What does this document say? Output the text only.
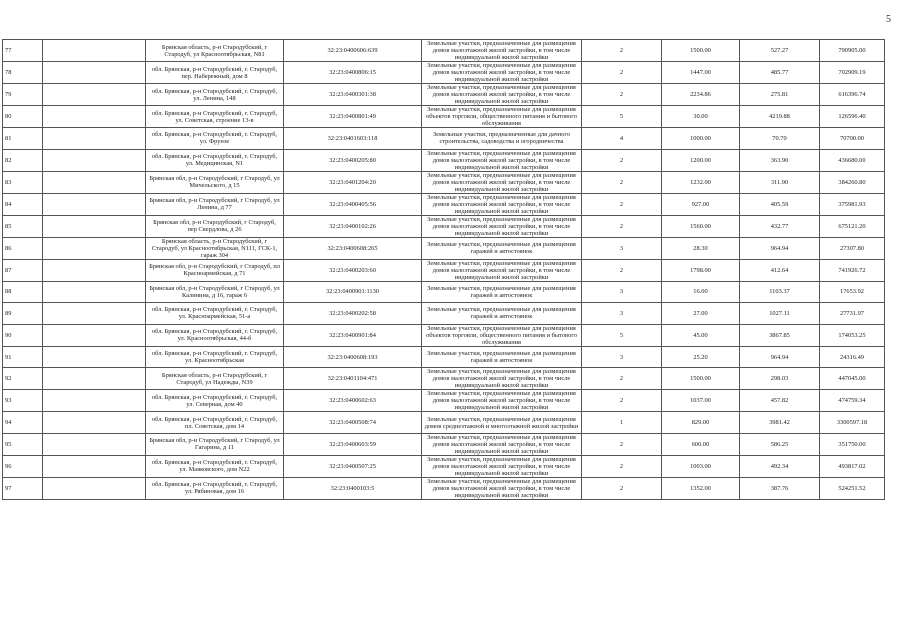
5
77		Брянская область, р-н Стародубский, г Стародуб, ул Красноотябрьская, N81	32:23:0400606:639	Земельные участки, предназначенные для размещения домов малоэтажной жилой застройки, в том числе индивидуальной жилой застройки	2	1500.00	527.27	790905.00
78		обл. Брянская, р-н Стародубский, г. Стародуб, пер. Набережный, дом 8	32:23:0400806:15	Земельные участки, предназначенные для размещения домов малоэтажной жилой застройки, в том числе индивидуальной жилой застройки	2	1447.00	485.77	702909.19
79		обл. Брянская, р-н Стародубский, г. Стародуб, ул. Ленина, 148	32:23:0400301:38	Земельные участки, предназначенные для размещения домов малоэтажной жилой застройки, в том числе индивидуальной жилой застройки	2	2234.86	275.81	616396.74
80		обл. Брянская, р-н Стародубский, г. Стародуб, ул. Советская, строение 13-в	32:23:0400801:49	Земельные участки, предназначенные для размещения объектов торговли, общественного питания и бытового обслуживания	5	30.00	4219.88	126596.40
81		обл. Брянская, р-н Стародубский, г. Стародуб, ул. Фрунзе	32:23:0401603:118	Земельные участки, предназначенные для дачного строительства, садоводства и огородничества	4	1000.00	70.70	70700.00
82		обл. Брянская, р-н Стародубский, г. Стародуб, ул. Медицинская, N1	32:23:0400205:80	Земельные участки, предназначенные для размещения домов малоэтажной жилой застройки, в том числе индивидуальной жилой застройки	2	1200.00	363.90	436680.00
83		Брянская обл, р-н Стародубский, г Стародуб, ул Мичельского, д 15	32:23:0401204:20	Земельные участки, предназначенные для размещения домов малоэтажной жилой застройки, в том числе индивидуальной жилой застройки	2	1232.00	311.90	384260.80
84		Брянская обл, р-н Стародубский, г Стародуб, ул Ленина, д 77	32:23:0400405:56	Земельные участки, предназначенные для размещения домов малоэтажной жилой застройки, в том числе индивидуальной жилой застройки	2	927.00	405.59	375981.93
85		Брянская обл, р-н Стародубский, г Стародуб, пер Свердлова, д 26	32:23:0400102:26	Земельные участки, предназначенные для размещения домов малоэтажной жилой застройки, в том числе индивидуальной жилой застройки	2	1560.00	432.77	675121.20
86		Брянская область, р-н Стародубский, г Стародуб, ул Красноотябрьская, N111, ГСК-1, гараж 304	32:23:0400608:265	Земельные участки, предназначенные для размещения гаражей и автостоянок	3	28.30	964.94	27307.80
87		Брянская обл, р-н Стародубский, г Стародуб, пл Красноармейская, д 71	32:23:0400203:60	Земельные участки, предназначенные для размещения домов малоэтажной жилой застройки, в том числе индивидуальной жилой застройки	2	1798.00	412.64	741926.72
88		Брянская обл, р-н Стародубский, г Стародуб, ул Калинина, д 16, гараж 6	32:23:0400901:1130	Земельные участки, предназначенные для размещения гаражей и автостоянок	3	16.00	1103.37	17653.92
89		обл. Брянская, р-н Стародубский, г. Стародуб, ул. Красноармейская, 51-а	32:23:0400202:58	Земельные участки, предназначенные для размещения гаражей и автостоянок	3	27.00	1027.11	27731.97
90		обл. Брянская, р-н Стародубский, г. Стародуб, ул. Красноотябрьская, 44-б	32:23:0400901:84	Земельные участки, предназначенные для размещения объектов торговли, общественного питания и бытового обслуживания	5	45.00	3867.85	174053.25
91		обл. Брянская, р-н Стародубский, г. Стародуб, ул. Красноотябрьская	32:23:0400608:193	Земельные участки, предназначенные для размещения гаражей и автостоянок	3	25.20	964.94	24316.49
92		Брянская область, р-н Стародубский, г Стародуб, ул Надежды, N39	32:23:0401104:471	Земельные участки, предназначенные для размещения домов малоэтажной жилой застройки, в том числе индивидуальной жилой застройки	2	1500.00	298.03	447045.00
93		обл. Брянская, р-н Стародубский, г. Стародуб, ул. Северная, дом 40	32:23:0400602:63	Земельные участки, предназначенные для размещения домов малоэтажной жилой застройки, в том числе индивидуальной жилой застройки	2	1037.00	457.82	474759.34
94		обл. Брянская, р-н Стародубский, г. Стародуб, пл. Советская, дом 14	32:23:0400508:74	Земельные участки, предназначенные для размещения домов среднеэтажной и многоэтажной жилой застройки	1	829.00	3981.42	3300597.18
95		Брянская обл, р-н Стародубский, г Стародуб, ул Гагарина, д 11	32:23:0400603:59	Земельные участки, предназначенные для размещения домов малоэтажной жилой застройки, в том числе индивидуальной жилой застройки	2	600.00	586.25	351750.00
96		обл. Брянская, р-н Стародубский, г. Стародуб, ул. Маяковского, дом N22	32:23:0400507:25	Земельные участки, предназначенные для размещения домов малоэтажной жилой застройки, в том числе индивидуальной жилой застройки	2	1003.00	492.34	493817.02
97		обл. Брянская, р-н Стародубский, г. Стародуб, ул. Рябиновая, дом 16	32:23:0400103:5	Земельные участки, предназначенные для размещения домов малоэтажной жилой застройки, в том числе индивидуальной жилой застройки	2	1352.00	387.76	524251.52
